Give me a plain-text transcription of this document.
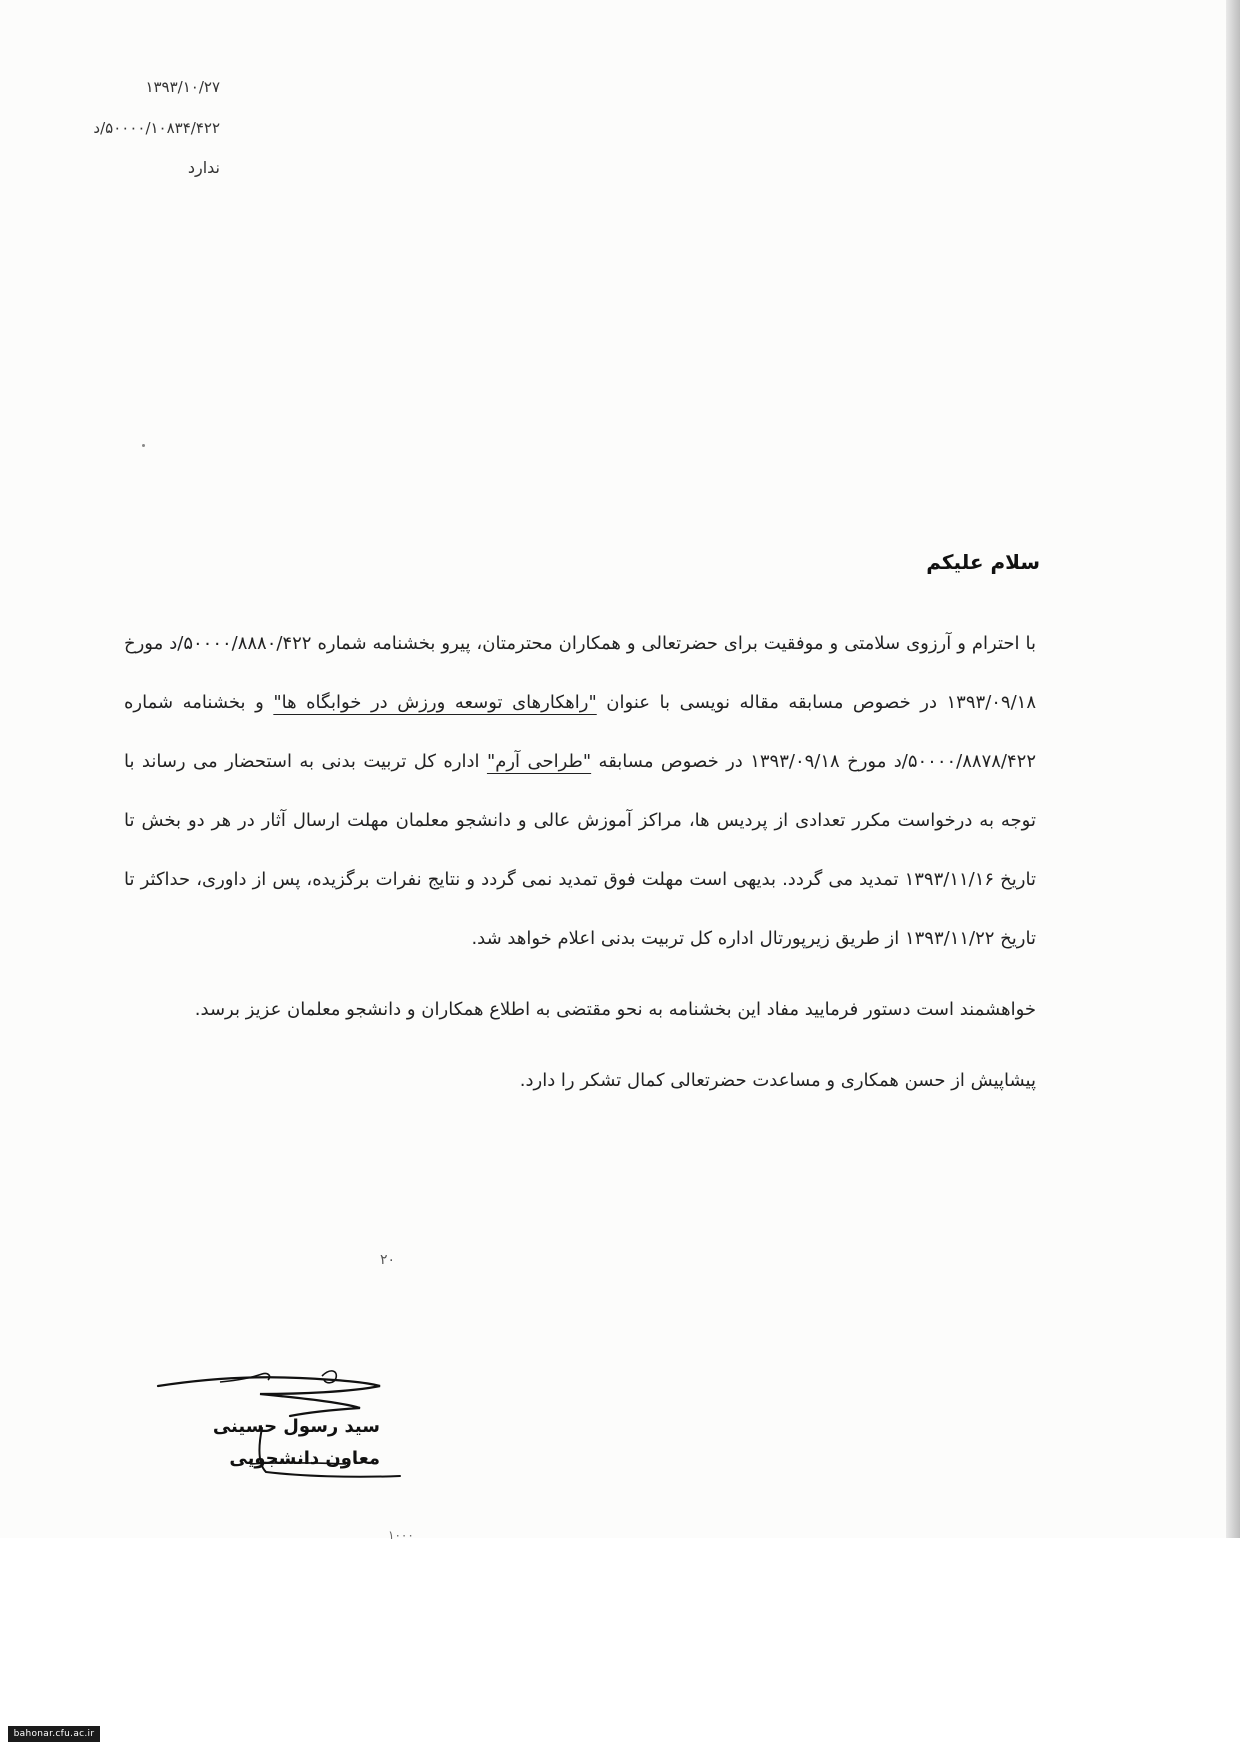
۱۳۹۳/۱۰/۲۷
۵۰۰۰۰/۱۰۸۳۴/۴۲۲/د
ندارد
سلام علیکم

با احترام و آرزوی سلامتی و موفقیت برای حضرتعالی و همکاران محترمتان، پیرو بخشنامه شماره ۵۰۰۰۰/۸۸۸۰/۴۲۲/د مورخ ۱۳۹۳/۰۹/۱۸ در خصوص مسابقه مقاله نویسی با عنوان "راهکارهای توسعه ورزش در خوابگاه ها" و بخشنامه شماره ۵۰۰۰۰/۸۸۷۸/۴۲۲/د مورخ ۱۳۹۳/۰۹/۱۸ در خصوص مسابقه "طراحی آرم" اداره کل تربیت بدنی به استحضار می رساند با توجه به درخواست مکرر تعدادی از پردیس ها، مراکز آموزش عالی و دانشجو معلمان مهلت ارسال آثار در هر دو بخش تا تاریخ ۱۳۹۳/۱۱/۱۶ تمدید می گردد. بدیهی است مهلت فوق تمدید نمی گردد و نتایج نفرات برگزیده، پس از داوری، حداکثر تا تاریخ ۱۳۹۳/۱۱/۲۲ از طریق زیرپورتال اداره کل تربیت بدنی اعلام خواهد شد.

خواهشمند است دستور فرمایید مفاد این بخشنامه به نحو مقتضی به اطلاع همکاران و دانشجو معلمان عزیز برسد.

پیشاپیش از حسن همکاری و مساعدت حضرتعالی کمال تشکر را دارد.

۲۰
۱۰۰۰
سید رسول حسینی
معاون دانشجویی
bahonar.cfu.ac.ir
